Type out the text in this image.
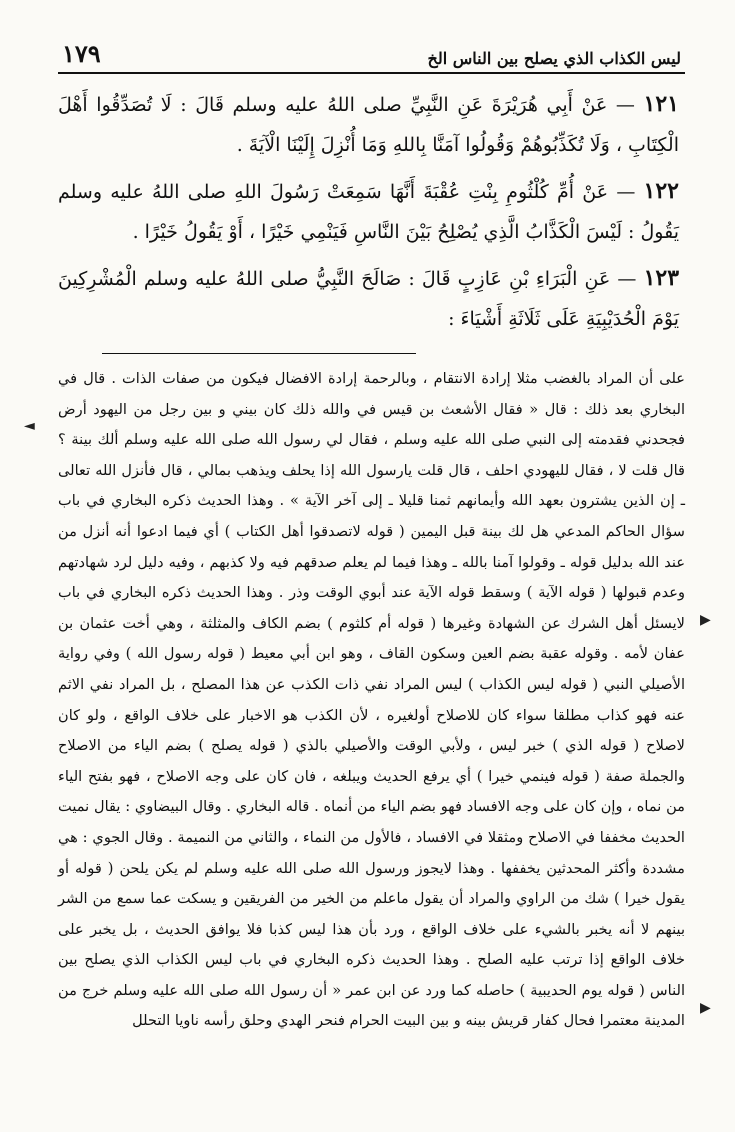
ليس الكذاب الذي يصلح بين الناس الخ
١٧٩

١٢١ — عَنْ أَبِي هُرَيْرَةَ عَنِ النَّبِيِّ صلى اللهُ عليه وسلم قَالَ : لَا تُصَدِّقُوا أَهْلَ الْكِتَابِ ، وَلَا تُكَذِّبُوهُمْ وَقُولُوا آمَنَّا بِاللهِ وَمَا أُنْزِلَ إِلَيْنَا الْآيَةَ .

١٢٢ — عَنْ أُمِّ كُلْثُومِ بِنْتِ عُقْبَةَ أَنَّهَا سَمِعَتْ رَسُولَ اللهِ صلى اللهُ عليه وسلم يَقُولُ : لَيْسَ الْكَذَّابُ الَّذِي يُصْلِحُ بَيْنَ النَّاسِ فَيَنْمِي خَيْرًا ، أَوْ يَقُولُ خَيْرًا .

١٢٣ — عَنِ الْبَرَاءِ بْنِ عَازِبٍ قَالَ : صَالَحَ النَّبِيُّ صلى اللهُ عليه وسلم الْمُشْرِكِينَ يَوْمَ الْحُدَيْبِيَةِ عَلَى ثَلَاثَةِ أَشْيَاءَ :

على أن المراد بالغضب مثلا إرادة الانتقام ، وبالرحمة إرادة الافضال فيكون من صفات الذات . قال في البخاري بعد ذلك : قال « فقال الأشعث بن قيس في والله ذلك كان بيني و بين رجل من اليهود أرض فجحدني فقدمته إلى النبي صلى الله عليه وسلم ، فقال لي رسول الله صلى الله عليه وسلم ألك بينة ؟ قال قلت لا ، فقال لليهودي احلف ، قال قلت يارسول الله إذا يحلف ويذهب بمالي ، قال فأنزل الله تعالى ـ إن الذين يشترون بعهد الله وأيمانهم ثمنا قليلا ـ إلى آخر الآية » . وهذا الحديث ذكره البخاري في باب سؤال الحاكم المدعي هل لك بينة قبل اليمين ( قوله لاتصدقوا أهل الكتاب ) أي فيما ادعوا أنه أنزل من عند الله بدليل قوله ـ وقولوا آمنا بالله ـ وهذا فيما لم يعلم صدقهم فيه ولا كذبهم ، وفيه دليل لرد شهادتهم وعدم قبولها ( قوله الآية ) وسقط قوله الآية عند أبوي الوقت وذر . وهذا الحديث ذكره البخاري في باب لايسئل أهل الشرك عن الشهادة وغيرها ( قوله أم كلثوم ) بضم الكاف والمثلثة ، وهي أخت عثمان بن عفان لأمه . وقوله عقبة بضم العين وسكون القاف ، وهو ابن أبي معيط ( قوله رسول الله ) وفي رواية الأصيلي النبي ( قوله ليس الكذاب ) ليس المراد نفي ذات الكذب عن هذا المصلح ، بل المراد نفي الاثم عنه فهو كذاب مطلقا سواء كان للاصلاح أولغيره ، لأن الكذب هو الاخبار على خلاف الواقع ، ولو كان لاصلاح ( قوله الذي ) خبر ليس ، ولأبي الوقت والأصيلي بالذي ( قوله يصلح ) بضم الياء من الاصلاح والجملة صفة ( قوله فينمي خيرا ) أي يرفع الحديث ويبلغه ، فان كان على وجه الاصلاح ، فهو بفتح الياء من نماه ، وإن كان على وجه الافساد فهو بضم الياء من أنماه . قاله البخاري . وقال البيضاوي : يقال نميت الحديث مخففا في الاصلاح ومثقلا في الافساد ، فالأول من النماء ، والثاني من النميمة . وقال الجوي : هي مشددة وأكثر المحدثين يخففها . وهذا لايجوز ورسول الله صلى الله عليه وسلم لم يكن يلحن ( قوله أو يقول خيرا ) شك من الراوي والمراد أن يقول ماعلم من الخير من الفريقين و يسكت عما سمع من الشر بينهم لا أنه يخبر بالشيء على خلاف الواقع ، ورد بأن هذا ليس كذبا فلا يوافق الحديث ، بل يخبر على خلاف الواقع إذا ترتب عليه الصلح . وهذا الحديث ذكره البخاري في باب ليس الكذاب الذي يصلح بين الناس ( قوله يوم الحديبية ) حاصله كما ورد عن ابن عمر « أن رسول الله صلى الله عليه وسلم خرج من المدينة معتمرا فحال كفار قريش بينه و بين البيت الحرام فنحر الهدي وحلق رأسه ناويا التحلل

◄
▶
▶
